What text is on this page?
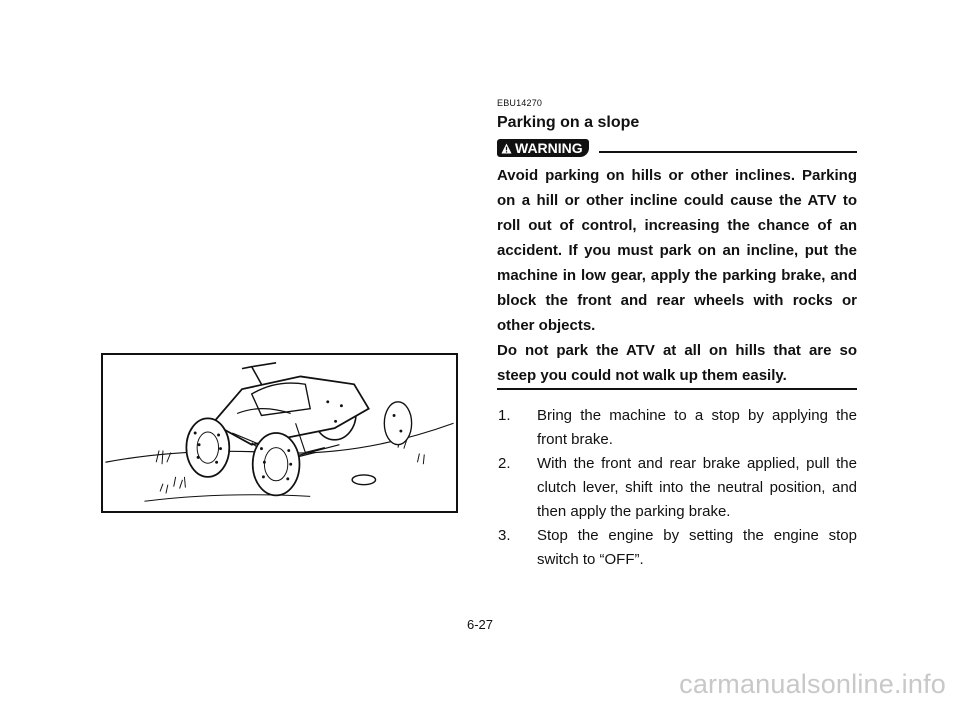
EBU14270
Parking on a slope
WARNING

Avoid parking on hills or other inclines. Parking on a hill or other incline could cause the ATV to roll out of control, increasing the chance of an accident. If you must park on an incline, put the machine in low gear, apply the parking brake, and block the front and rear wheels with rocks or other objects.

Do not park the ATV at all on hills that are so steep you could not walk up them easily.

1.	Bring the machine to a stop by applying the front brake.
2.	With the front and rear brake applied, pull the clutch lever, shift into the neutral position, and then apply the parking brake.
3.	Stop the engine by setting the engine stop switch to “OFF”.
6-27
carmanualsonline.info
